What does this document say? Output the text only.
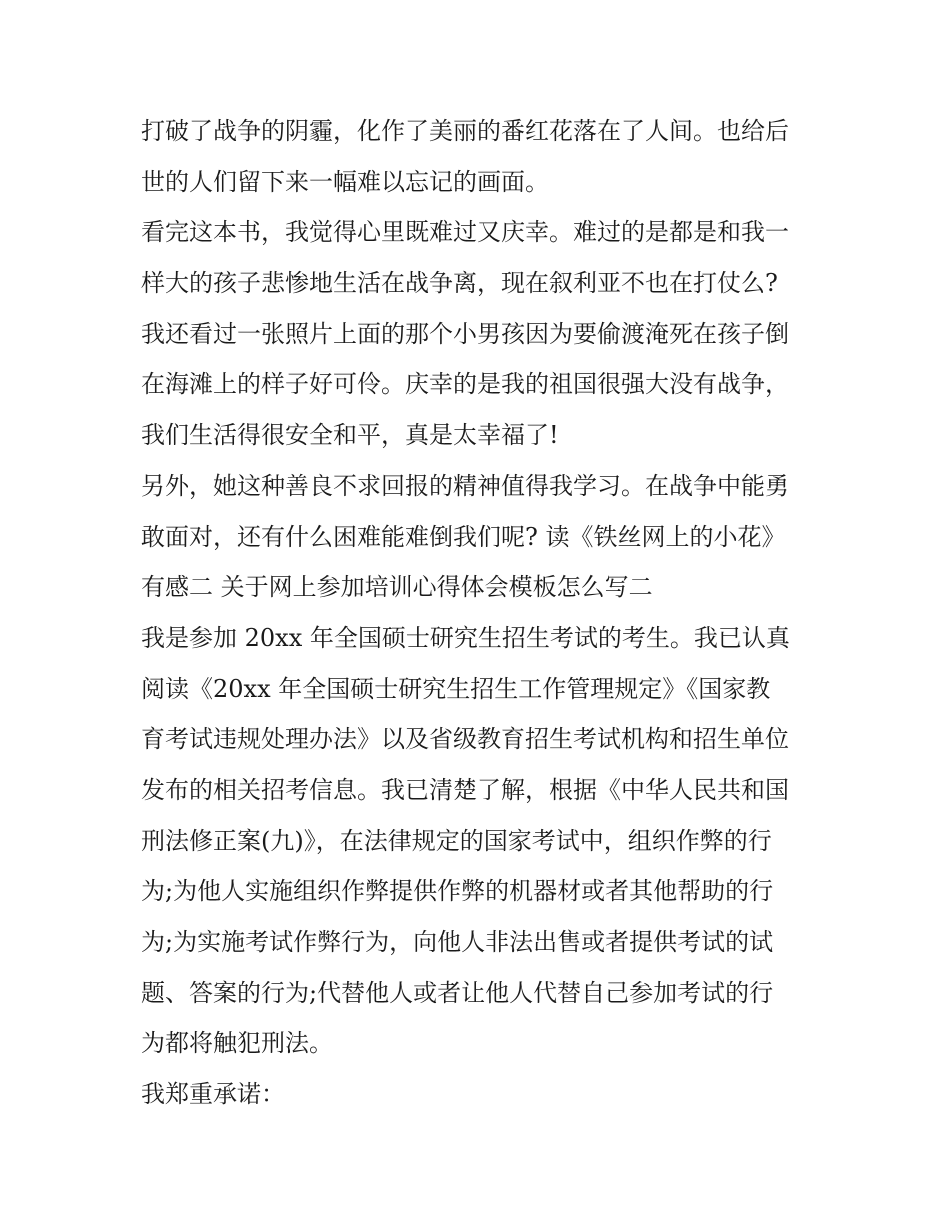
打破了战争的阴霾，化作了美丽的番红花落在了人间。也给后
世的人们留下来一幅难以忘记的画面。
看完这本书，我觉得心里既难过又庆幸。难过的是都是和我一
样大的孩子悲惨地生活在战争离，现在叙利亚不也在打仗么?
我还看过一张照片上面的那个小男孩因为要偷渡淹死在孩子倒
在海滩上的样子好可伶。庆幸的是我的祖国很强大没有战争，
我们生活得很安全和平，真是太幸福了!
另外，她这种善良不求回报的精神值得我学习。在战争中能勇
敢面对，还有什么困难能难倒我们呢? 读《铁丝网上的小花》
有感二 关于网上参加培训心得体会模板怎么写二
我是参加 20xx 年全国硕士研究生招生考试的考生。我已认真
阅读《20xx 年全国硕士研究生招生工作管理规定》《国家教
育考试违规处理办法》以及省级教育招生考试机构和招生单位
发布的相关招考信息。我已清楚了解，根据《中华人民共和国
刑法修正案(九)》，在法律规定的国家考试中，组织作弊的行
为;为他人实施组织作弊提供作弊的机器材或者其他帮助的行
为;为实施考试作弊行为，向他人非法出售或者提供考试的试
题、答案的行为;代替他人或者让他人代替自己参加考试的行
为都将触犯刑法。
我郑重承诺：
